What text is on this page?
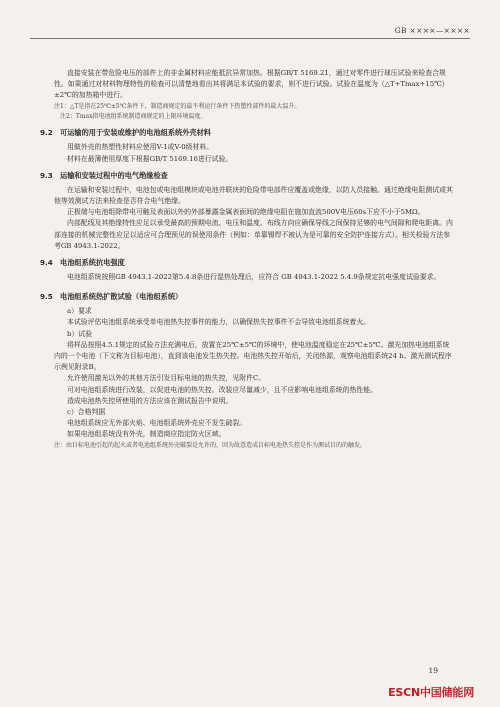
GB ××××—××××

直接安装在带危险电压的部件上的非金属材料应能抵抗异常加热。根据GB/T 5169.21，通过对零件进行球压试验来检查合规性。如果通过对材料物理特性的检查可以清楚地看出其将满足本试验的要求，则不进行试验。试验在温度为（△T+Tmax+15℃）±2℃的加热箱中进行。

注1：△T是指在25℃±5℃条件下，制造商规定的最不利运行条件下热塑性部件的最大温升。

注2：Tmax指电池组系统制造商规定的上限环境温度。

9.2 可运输的用于安装或维护的电池组系统外壳材料

用做外壳的热塑性材料应使用V-1或V-0级材料。

材料在最薄使用厚度下根据GB/T 5169.16进行试验。

9.3 运输和安装过程中的电气绝缘检查

在运输和安装过程中，电池包或电池组模块或电池并联块的危险带电部件应覆盖或绝缘，以防人员接触。通过绝缘电阻测试或其他等效测试方法来检查是否符合电气绝缘。

正极端与电池组除带电可触及表面以外的外部暴露金属表面间的绝缘电阻在施加直流500V电压60s下应不小于5MΩ。

内部配线及其绝缘特性应足以承受最高的预期电流、电压和温度。布线方向应确保导线之间保持足够的电气间隙和爬电距离。内部连接的机械完整性应足以适应可合理预见的误使用条件（例如：单靠锡焊不被认为是可靠的安全防护连接方式）。相关检验方法参考GB 4943.1-2022。

9.4 电池组系统抗电强度

电池组系统按照GB 4943.1-2022第5.4.8条进行湿热处理后，应符合 GB 4943.1-2022 5.4.9条规定抗电强度试验要求。

9.5 电池组系统热扩散试验（电池组系统）

a）要求

本试验评估电池组系统承受单电池热失控事件的能力，以确保热失控事件不会导致电池组系统着火。

b）试验

将样品按照4.5.1规定的试验方法充满电后，放置在25℃±5℃的环境中，使电池温度稳定在25℃±5℃。激光加热电池组系统内的一个电池（下文称为目标电池），直到该电池发生热失控。电池热失控开始后，关闭热源，观察电池组系统24 h。激光测试程序示例见附录B。

允许使用激光以外的其他方法引发目标电池的热失控，见附件C。

可对电池组系统进行改装，以促进电池的热失控。改装应尽量减少，且不应影响电池组系统的热性能。

造成电池热失控所使用的方法应该在测试报告中说明。

c）合格判据

电池组系统应无外部火焰、电池组系统外壳应不发生破裂。

如果电池组系统没有外壳，制造商应指定防火区域。

注：由目标电池引起的起火或者电池组系统外壳破裂是允许的，因为故意造成目标电池热失控是作为测试目的的触发。

19
ESCN中国储能网
